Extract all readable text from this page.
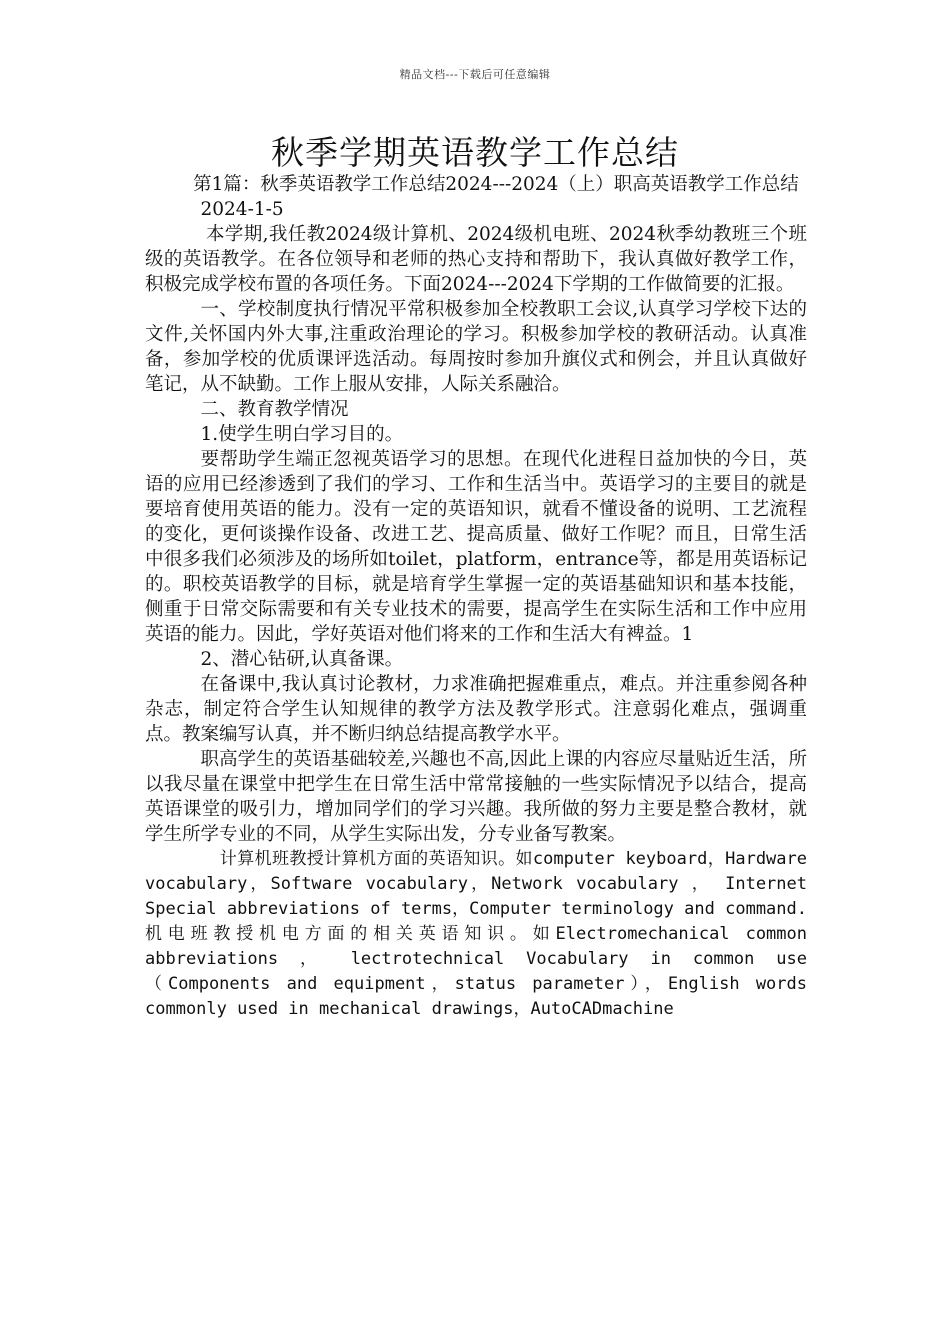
精品文档---下载后可任意编辑
秋季学期英语教学工作总结

第1篇：秋季英语教学工作总结2024---2024（上）职高英语教学工作总结

2024-1-5

本学期,我任教2024级计算机、2024级机电班、2024秋季幼教班三个班级的英语教学。在各位领导和老师的热心支持和帮助下，我认真做好教学工作，积极完成学校布置的各项任务。下面2024---2024下学期的工作做简要的汇报。

一、学校制度执行情况平常积极参加全校教职工会议,认真学习学校下达的文件,关怀国内外大事,注重政治理论的学习。积极参加学校的教研活动。认真准备，参加学校的优质课评选活动。每周按时参加升旗仪式和例会，并且认真做好笔记，从不缺勤。工作上服从安排，人际关系融洽。

二、教育教学情况

1.使学生明白学习目的。

要帮助学生端正忽视英语学习的思想。在现代化进程日益加快的今日，英语的应用已经渗透到了我们的学习、工作和生活当中。英语学习的主要目的就是要培育使用英语的能力。没有一定的英语知识，就看不懂设备的说明、工艺流程的变化，更何谈操作设备、改进工艺、提高质量、做好工作呢？而且，日常生活中很多我们必须涉及的场所如toilet，platform，entrance等，都是用英语标记的。职校英语教学的目标，就是培育学生掌握一定的英语基础知识和基本技能，侧重于日常交际需要和有关专业技术的需要，提高学生在实际生活和工作中应用英语的能力。因此，学好英语对他们将来的工作和生活大有裨益。1

2、潜心钻研,认真备课。

在备课中,我认真讨论教材，力求准确把握难重点，难点。并注重参阅各种杂志，制定符合学生认知规律的教学方法及教学形式。注意弱化难点，强调重点。教案编写认真，并不断归纳总结提高教学水平。

职高学生的英语基础较差,兴趣也不高,因此上课的内容应尽量贴近生活，所以我尽量在课堂中把学生在日常生活中常常接触的一些实际情况予以结合，提高英语课堂的吸引力，增加同学们的学习兴趣。我所做的努力主要是整合教材，就学生所学专业的不同，从学生实际出发，分专业备写教案。

计算机班教授计算机方面的英语知识。如computer keyboard，Hardware vocabulary，Software vocabulary，Network vocabulary ， Internet Special abbreviations of terms，Computer terminology and command.机电班教授机电方面的相关英语知识。如Electromechanical common abbreviations ， lectrotechnical Vocabulary in common use（Components and equipment，status parameter），English words commonly used in mechanical drawings，AutoCADmachine
